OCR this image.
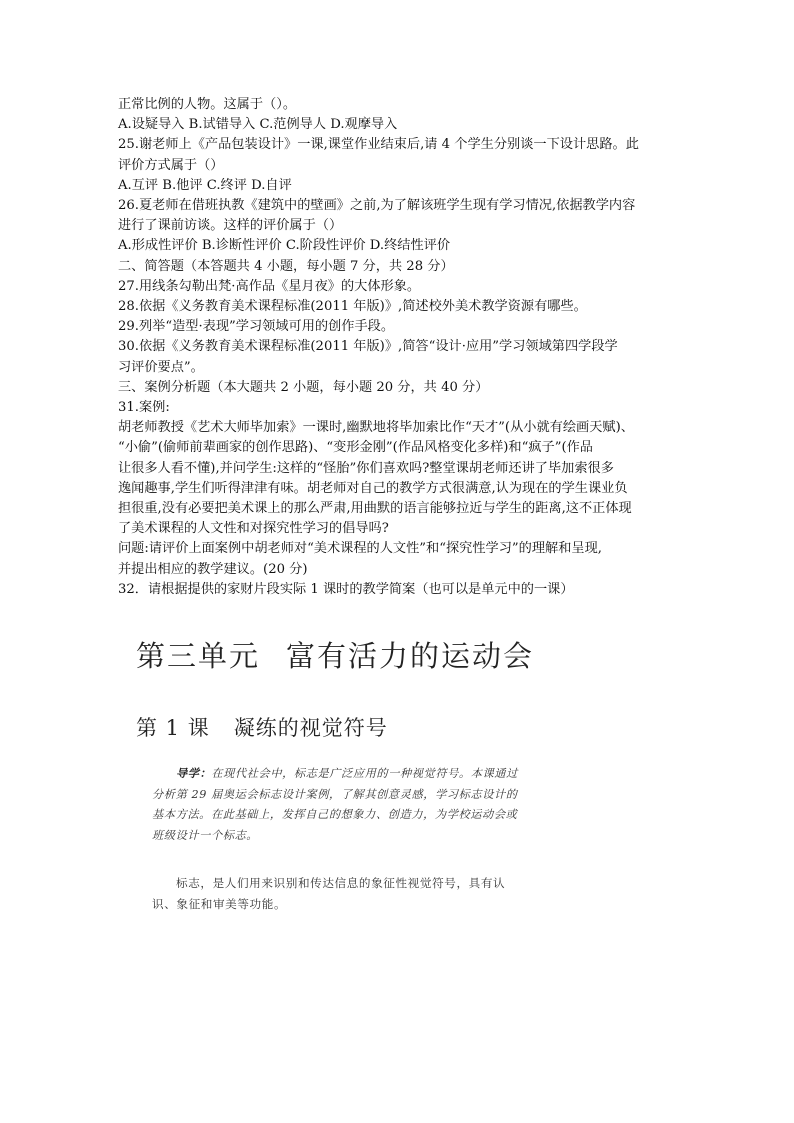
正常比例的人物。这属于（）。
A.设疑导入 B.试错导入 C.范例导人 D.观摩导入
25.谢老师上《产品包装设计》一课,课堂作业结束后,请 4 个学生分别谈一下设计思路。此
评价方式属于（）
A.互评 B.他评 C.终评 D.自评
26.夏老师在借班执教《建筑中的壁画》之前,为了解该班学生现有学习情况,依据教学内容
进行了课前访谈。这样的评价属于（）
A.形成性评价 B.诊断性评价 C.阶段性评价 D.终结性评价
二、简答题（本答题共 4 小题，每小题 7 分，共 28 分）
27.用线条勾勒出梵·高作品《星月夜》的大体形象。
28.依据《义务教育美术课程标准(2011 年版)》,简述校外美术教学资源有哪些。
29.列举“造型·表现”学习领域可用的创作手段。
30.依据《义务教育美术课程标准(2011 年版)》,简答“设计·应用”学习领域第四学段学
习评价要点”。
三、案例分析题（本大题共 2 小题，每小题 20 分，共 40 分）
31.案例:
胡老师教授《艺术大师毕加索》一课时,幽默地将毕加索比作“天才”(从小就有绘画天赋)、
“小偷”(偷师前辈画家的创作思路)、“变形金刚”(作品风格变化多样)和“疯子”(作品
让很多人看不懂),并问学生:这样的“怪胎”你们喜欢吗?整堂课胡老师还讲了毕加索很多
逸闻趣事,学生们听得津津有味。胡老师对自己的教学方式很满意,认为现在的学生课业负
担很重,没有必要把美术课上的那么严肃,用曲默的语言能够拉近与学生的距离,这不正体现
了美术课程的人文性和对探究性学习的倡导吗?
问题:请评价上面案例中胡老师对“美术课程的人文性”和“探究性学习”的理解和呈现,
并提出相应的教学建议。(20 分)
32．请根据提供的家财片段实际 1 课时的教学简案（也可以是单元中的一课）
第三单元 富有活力的运动会
第 1 课 凝练的视觉符号
导学：在现代社会中，标志是广泛应用的一种视觉符号。本课通过分析第 29 届奥运会标志设计案例，了解其创意灵感，学习标志设计的基本方法。在此基础上，发挥自己的想象力、创造力，为学校运动会或班级设计一个标志。
标志，是人们用来识别和传达信息的象征性视觉符号，具有认识、象征和审美等功能。
